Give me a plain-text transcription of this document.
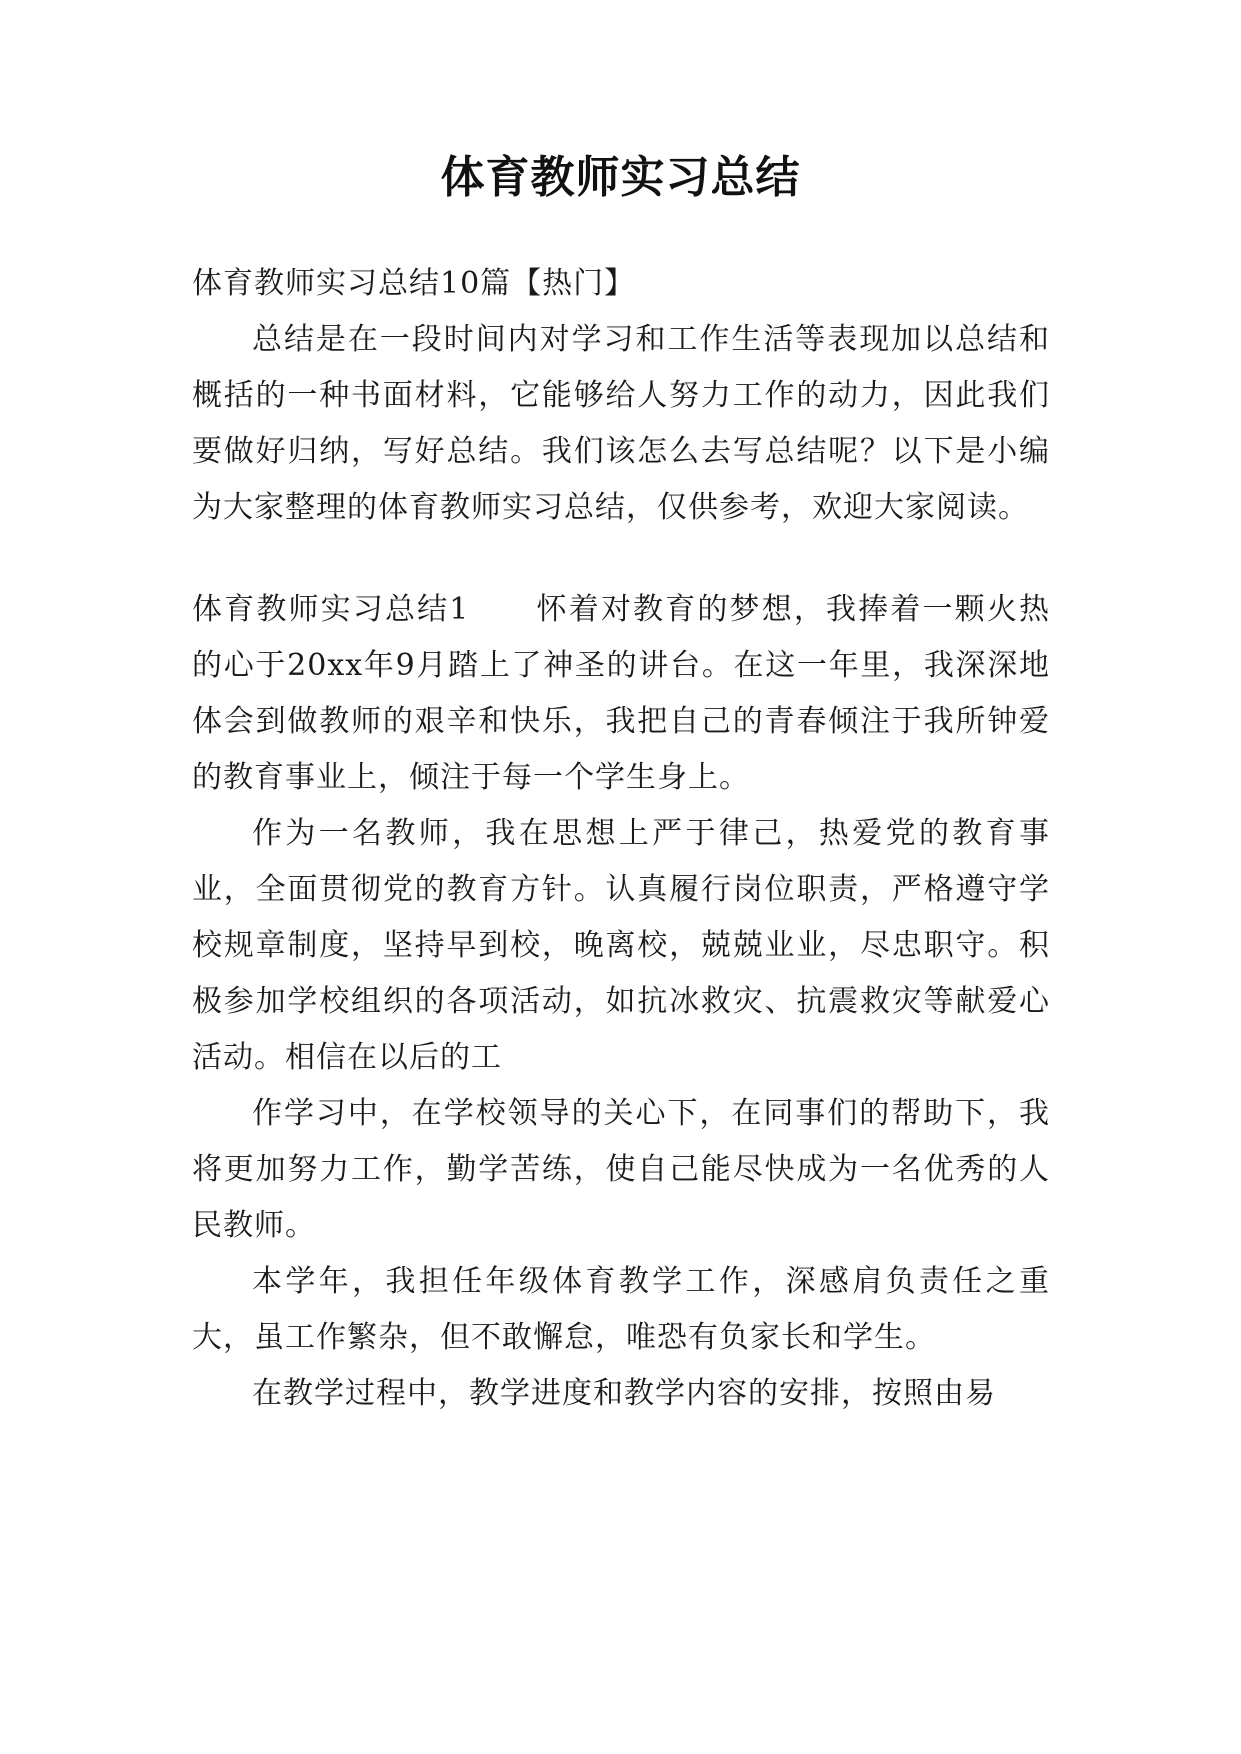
体育教师实习总结

体育教师实习总结10篇【热门】

总结是在一段时间内对学习和工作生活等表现加以总结和概括的一种书面材料，它能够给人努力工作的动力，因此我们要做好归纳，写好总结。我们该怎么去写总结呢？以下是小编为大家整理的体育教师实习总结，仅供参考，欢迎大家阅读。

体育教师实习总结1 怀着对教育的梦想，我捧着一颗火热的心于20xx年9月踏上了神圣的讲台。在这一年里，我深深地体会到做教师的艰辛和快乐，我把自己的青春倾注于我所钟爱的教育事业上，倾注于每一个学生身上。

作为一名教师，我在思想上严于律己，热爱党的教育事业，全面贯彻党的教育方针。认真履行岗位职责，严格遵守学校规章制度，坚持早到校，晚离校，兢兢业业，尽忠职守。积极参加学校组织的各项活动，如抗冰救灾、抗震救灾等献爱心活动。相信在以后的工

作学习中，在学校领导的关心下，在同事们的帮助下，我将更加努力工作，勤学苦练，使自己能尽快成为一名优秀的人民教师。

本学年，我担任年级体育教学工作，深感肩负责任之重大，虽工作繁杂，但不敢懈怠，唯恐有负家长和学生。

在教学过程中，教学进度和教学内容的安排，按照由易
